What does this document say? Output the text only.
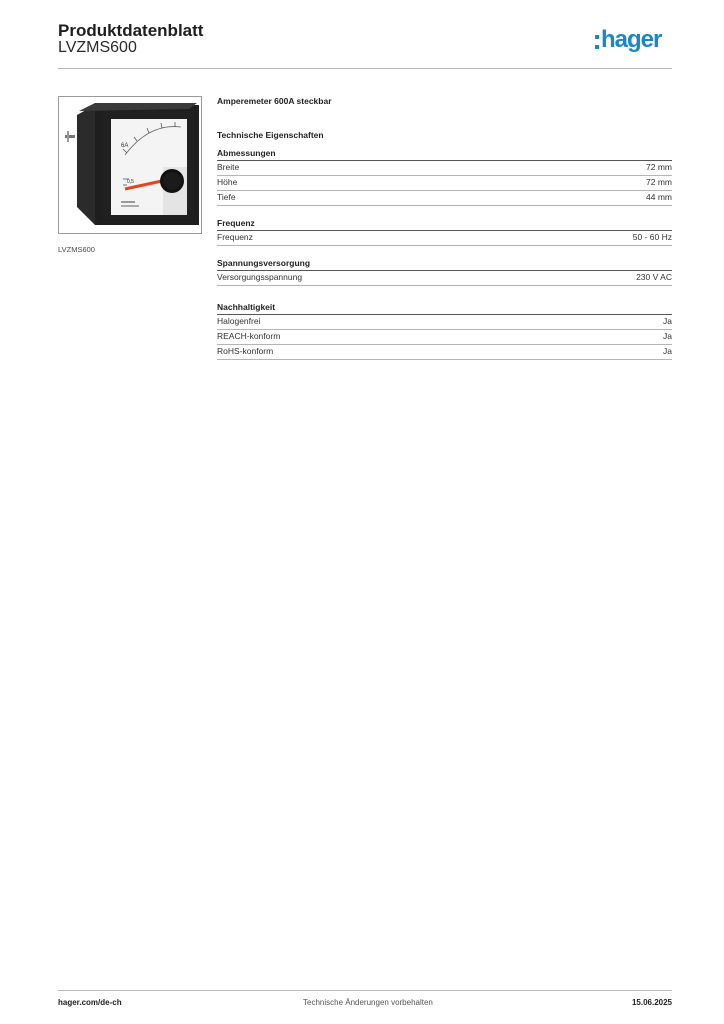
Produktdatenblatt
LVZMS600	hager
6A
0,5
LVZMS600
Amperemeter 600A steckbar
Technische Eigenschaften
Abmessungen
Breite	72 mm
Höhe	72 mm
Tiefe	44 mm
Frequenz
Frequenz	50 - 60 Hz
Spannungsversorgung
Versorgungsspannung	230 V AC
Nachhaltigkeit
Halogenfrei	Ja
REACH-konform	Ja
RoHS-konform	Ja
hager.com/de-ch	Technische Änderungen vorbehalten	15.06.2025
